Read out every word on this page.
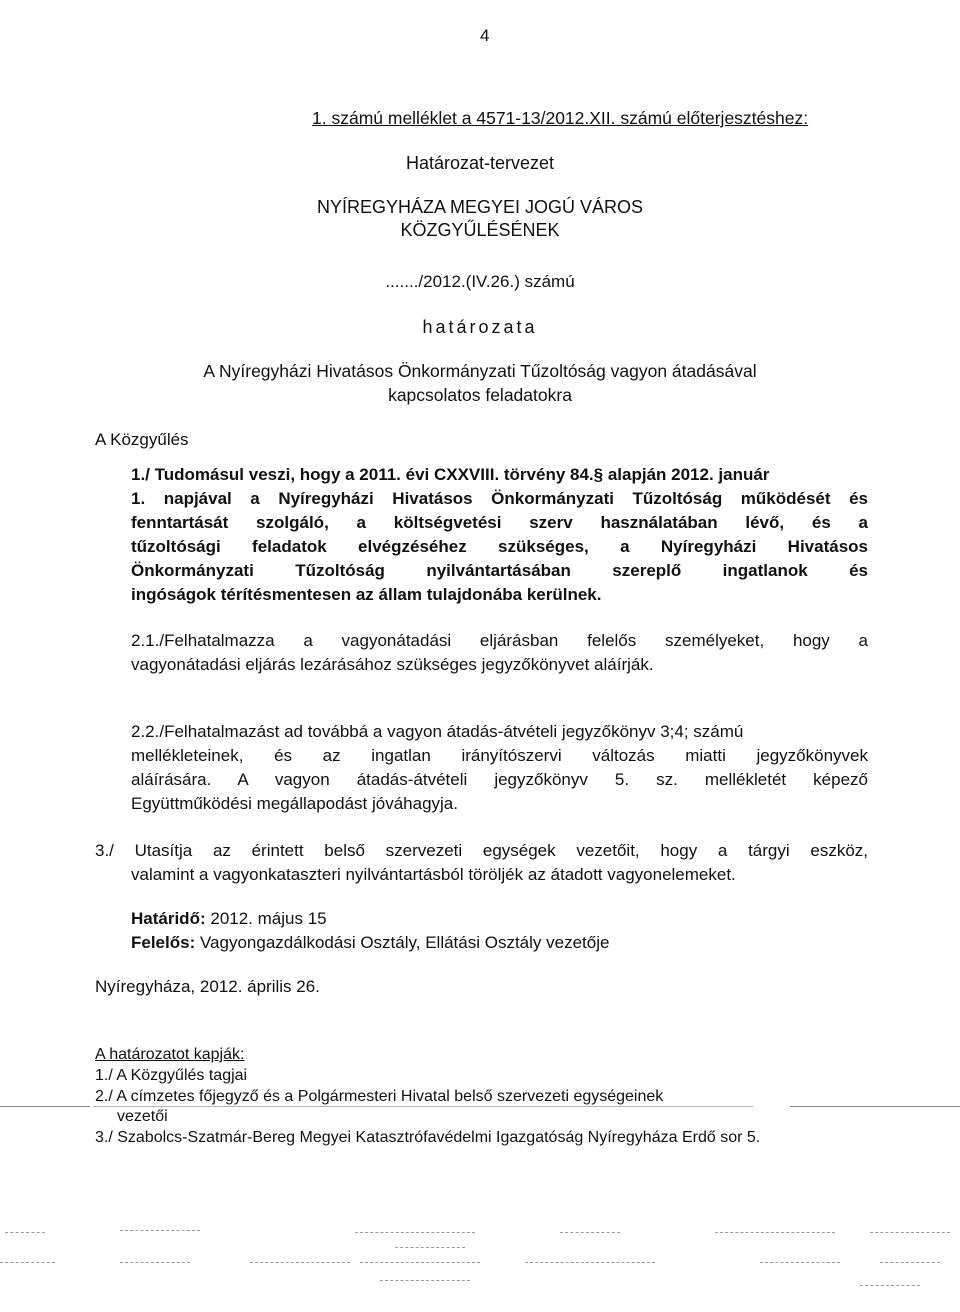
4
1. számú melléklet a 4571-13/2012.XII. számú előterjesztéshez:
Határozat-tervezet
NYÍREGYHÁZA MEGYEI JOGÚ VÁROS
KÖZGYŰLÉSÉNEK
......./2012.(IV.26.) számú
határozata
A Nyíregyházi Hivatásos Önkormányzati Tűzoltóság vagyon átadásával
kapcsolatos feladatokra
A Közgyűlés
1./ Tudomásul veszi, hogy a 2011. évi CXXVIII. törvény 84.§ alapján 2012. január
1. napjával a Nyíregyházi Hivatásos Önkormányzati Tűzoltóság működését és
fenntartását szolgáló, a költségvetési szerv használatában lévő, és a
tűzoltósági feladatok elvégzéséhez szükséges, a Nyíregyházi Hivatásos
Önkormányzati Tűzoltóság nyilvántartásában szereplő ingatlanok és
ingóságok térítésmentesen az állam tulajdonába kerülnek.
2.1./Felhatalmazza a vagyonátadási eljárásban felelős személyeket, hogy a
vagyonátadási eljárás lezárásához szükséges jegyzőkönyvet aláírják.
2.2./Felhatalmazást ad továbbá a vagyon átadás-átvételi jegyzőkönyv 3;4; számú
mellékleteinek, és az ingatlan irányítószervi változás miatti jegyzőkönyvek
aláírására. A vagyon átadás-átvételi jegyzőkönyv 5. sz. mellékletét képező
Együttműködési megállapodást jóváhagyja.
3./ Utasítja az érintett belső szervezeti egységek vezetőit, hogy a tárgyi eszköz,
valamint a vagyonkataszteri nyilvántartásból töröljék az átadott vagyonelemeket.
Határidő: 2012. május 15
Felelős: Vagyongazdálkodási Osztály, Ellátási Osztály vezetője
Nyíregyháza, 2012. április 26.
A határozatot kapják:
1./ A Közgyűlés tagjai
2./ A címzetes főjegyző és a Polgármesteri Hivatal belső szervezeti egységeinek
vezetői
3./ Szabolcs-Szatmár-Bereg Megyei Katasztrófavédelmi Igazgatóság Nyíregyháza Erdő sor 5.
